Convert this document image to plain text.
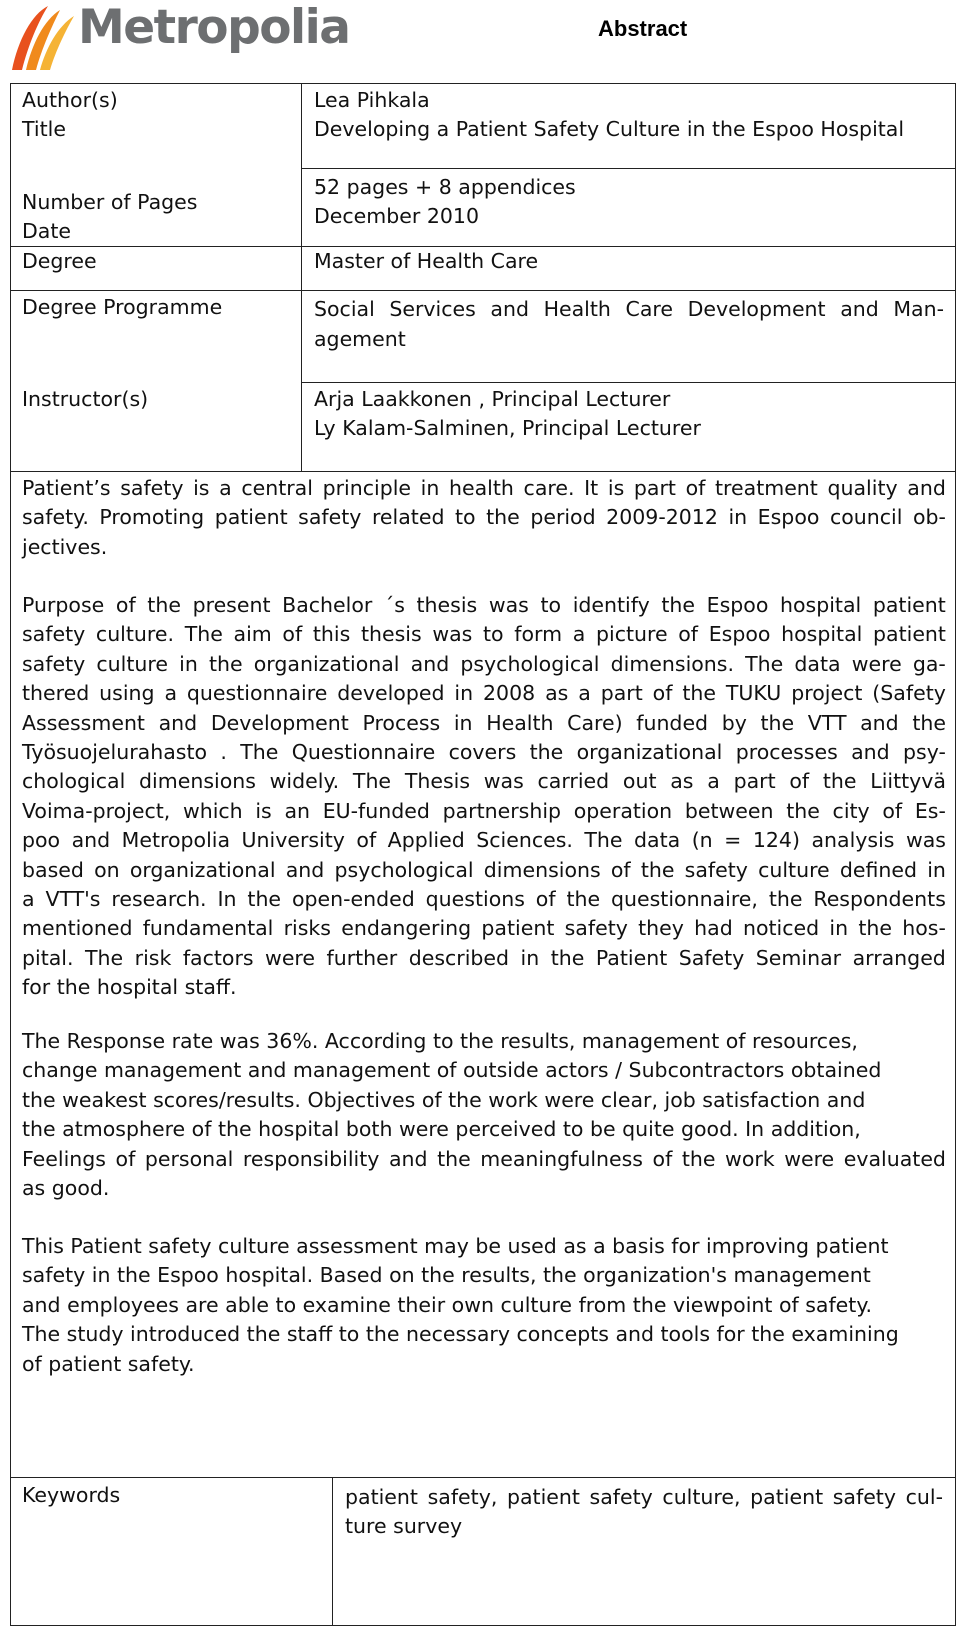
Metropolia	Abstract
Author(s)
Title
Number of Pages
Date
Degree
Degree Programme
Instructor(s)
Lea Pihkala
Developing a Patient Safety Culture in the Espoo Hospital
52 pages + 8 appendices
December 2010
Master of Health Care
Social Services and Health Care Development and Man-
agement
Arja Laakkonen , Principal Lecturer
Ly Kalam-Salminen, Principal Lecturer
Patient’s safety is a central principle in health care. It is part of treatment quality and
safety. Promoting patient safety related to the period 2009-2012 in Espoo council ob-
jectives.
Purpose of the present Bachelor ´s thesis was to identify the Espoo hospital patient
safety culture. The aim of this thesis was to form a picture of Espoo hospital patient
safety culture in the organizational and psychological dimensions. The data were ga-
thered using a questionnaire developed in 2008 as a part of the TUKU project (Safety
Assessment and Development Process in Health Care) funded by the VTT and the
Työsuojelurahasto . The Questionnaire covers the organizational processes and psy-
chological dimensions widely. The Thesis was carried out as a part of the Liittyvä
Voima-project, which is an EU-funded partnership operation between the city of Es-
poo and Metropolia University of Applied Sciences. The data (n = 124) analysis was
based on organizational and psychological dimensions of the safety culture defined in
a VTT's research. In the open-ended questions of the questionnaire, the Respondents
mentioned fundamental risks endangering patient safety they had noticed in the hos-
pital. The risk factors were further described in the Patient Safety Seminar arranged
for the hospital staff.
The Response rate was 36%. According to the results, management of resources,
change management and management of outside actors / Subcontractors obtained
the weakest scores/results. Objectives of the work were clear, job satisfaction and
the atmosphere of the hospital both were perceived to be quite good. In addition,
Feelings of personal responsibility and the meaningfulness of the work were evaluated
as good.
This Patient safety culture assessment may be used as a basis for improving patient
safety in the Espoo hospital. Based on the results, the organization's management
and employees are able to examine their own culture from the viewpoint of safety.
The study introduced the staff to the necessary concepts and tools for the examining
of patient safety.
Keywords	patient safety, patient safety culture, patient safety cul-
ture survey
